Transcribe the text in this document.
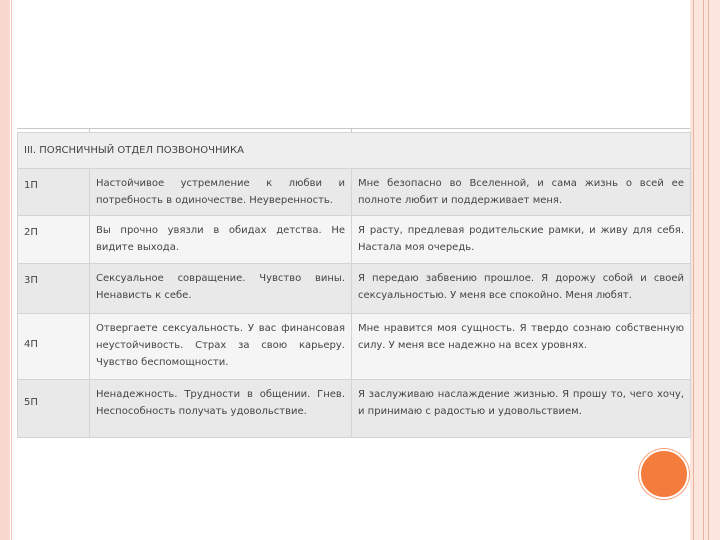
III. ПОЯСНИЧНЫЙ ОТДЕЛ ПОЗВОНОЧНИКА		
1П	Настойчивое устремление к любви и потребность в одиночестве. Неуверенность.	Мне безопасно во Вселенной, и сама жизнь о всей ее полноте любит и поддерживает меня.
2П	Вы прочно увязли в обидах детства. Не видите выхода.	Я расту, предлевая родительские рамки, и живу для себя. Настала моя очередь.
3П	Сексуальное совращение. Чувство вины. Ненависть к себе.	Я передаю забвению прошлое. Я дорожу собой и своей сексуальностью. У меня все спокойно. Меня любят.
4П	Отвергаете сексуальность. У вас финансовая неустойчивость. Страх за свою карьеру. Чувство беспомощности.	Мне нравится моя сущность. Я твердо сознаю собственную силу. У меня все надежно на всех уровнях.
5П	Ненадежность. Трудности в общении. Гнев. Неспособность получать удовольствие.	Я заслуживаю наслаждение жизнью. Я прошу то, чего хочу, и принимаю с радостью и удовольствием.
